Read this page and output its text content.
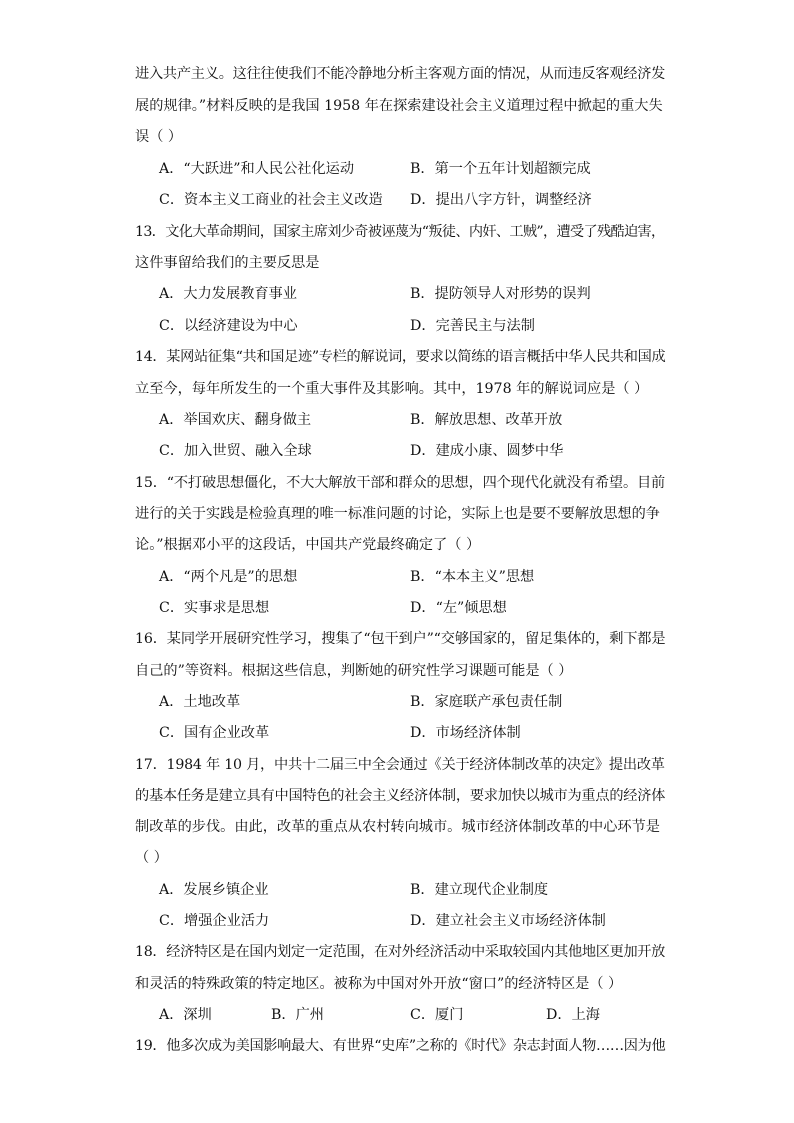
进入共产主义。这往往使我们不能冷静地分析主客观方面的情况，从而违反客观经济发
展的规律。”材料反映的是我国 1958 年在探索建设社会主义道理过程中掀起的重大失
误（ ）
A．“大跃进”和人民公社化运动	B．第一个五年计划超额完成
C．资本主义工商业的社会主义改造 D．提出八字方针，调整经济
13．文化大革命期间，国家主席刘少奇被诬蔑为“叛徒、内奸、工贼”，遭受了残酷迫害，
这件事留给我们的主要反思是
A．大力发展教育事业	B．提防领导人对形势的误判
C．以经济建设为中心	D．完善民主与法制
14．某网站征集“共和国足迹”专栏的解说词，要求以简练的语言概括中华人民共和国成
立至今，每年所发生的一个重大事件及其影响。其中，1978 年的解说词应是（ ）
A．举国欢庆、翻身做主	B．解放思想、改革开放
C．加入世贸、融入全球	D．建成小康、圆梦中华
15．“不打破思想僵化，不大大解放干部和群众的思想，四个现代化就没有希望。目前
进行的关于实践是检验真理的唯一标准问题的讨论，实际上也是要不要解放思想的争
论。”根据邓小平的这段话，中国共产党最终确定了（ ）
A．“两个凡是”的思想	B．“本本主义”思想
C．实事求是思想	D．“左”倾思想
16．某同学开展研究性学习，搜集了“包干到户”“交够国家的，留足集体的，剩下都是
自己的”等资料。根据这些信息，判断她的研究性学习课题可能是（ ）
A．土地改革	B．家庭联产承包责任制
C．国有企业改革	D．市场经济体制
17．1984 年 10 月，中共十二届三中全会通过《关于经济体制改革的决定》提出改革
的基本任务是建立具有中国特色的社会主义经济体制，要求加快以城市为重点的经济体
制改革的步伐。由此，改革的重点从农村转向城市。城市经济体制改革的中心环节是
（ ）
A．发展乡镇企业	B．建立现代企业制度
C．增强企业活力	D．建立社会主义市场经济体制
18．经济特区是在国内划定一定范围，在对外经济活动中采取较国内其他地区更加开放
和灵活的特殊政策的特定地区。被称为中国对外开放“窗口”的经济特区是（ ）
A．深圳	B．广州	C．厦门	D．上海
19．他多次成为美国影响最大、有世界“史库”之称的《时代》杂志封面人物……因为他
